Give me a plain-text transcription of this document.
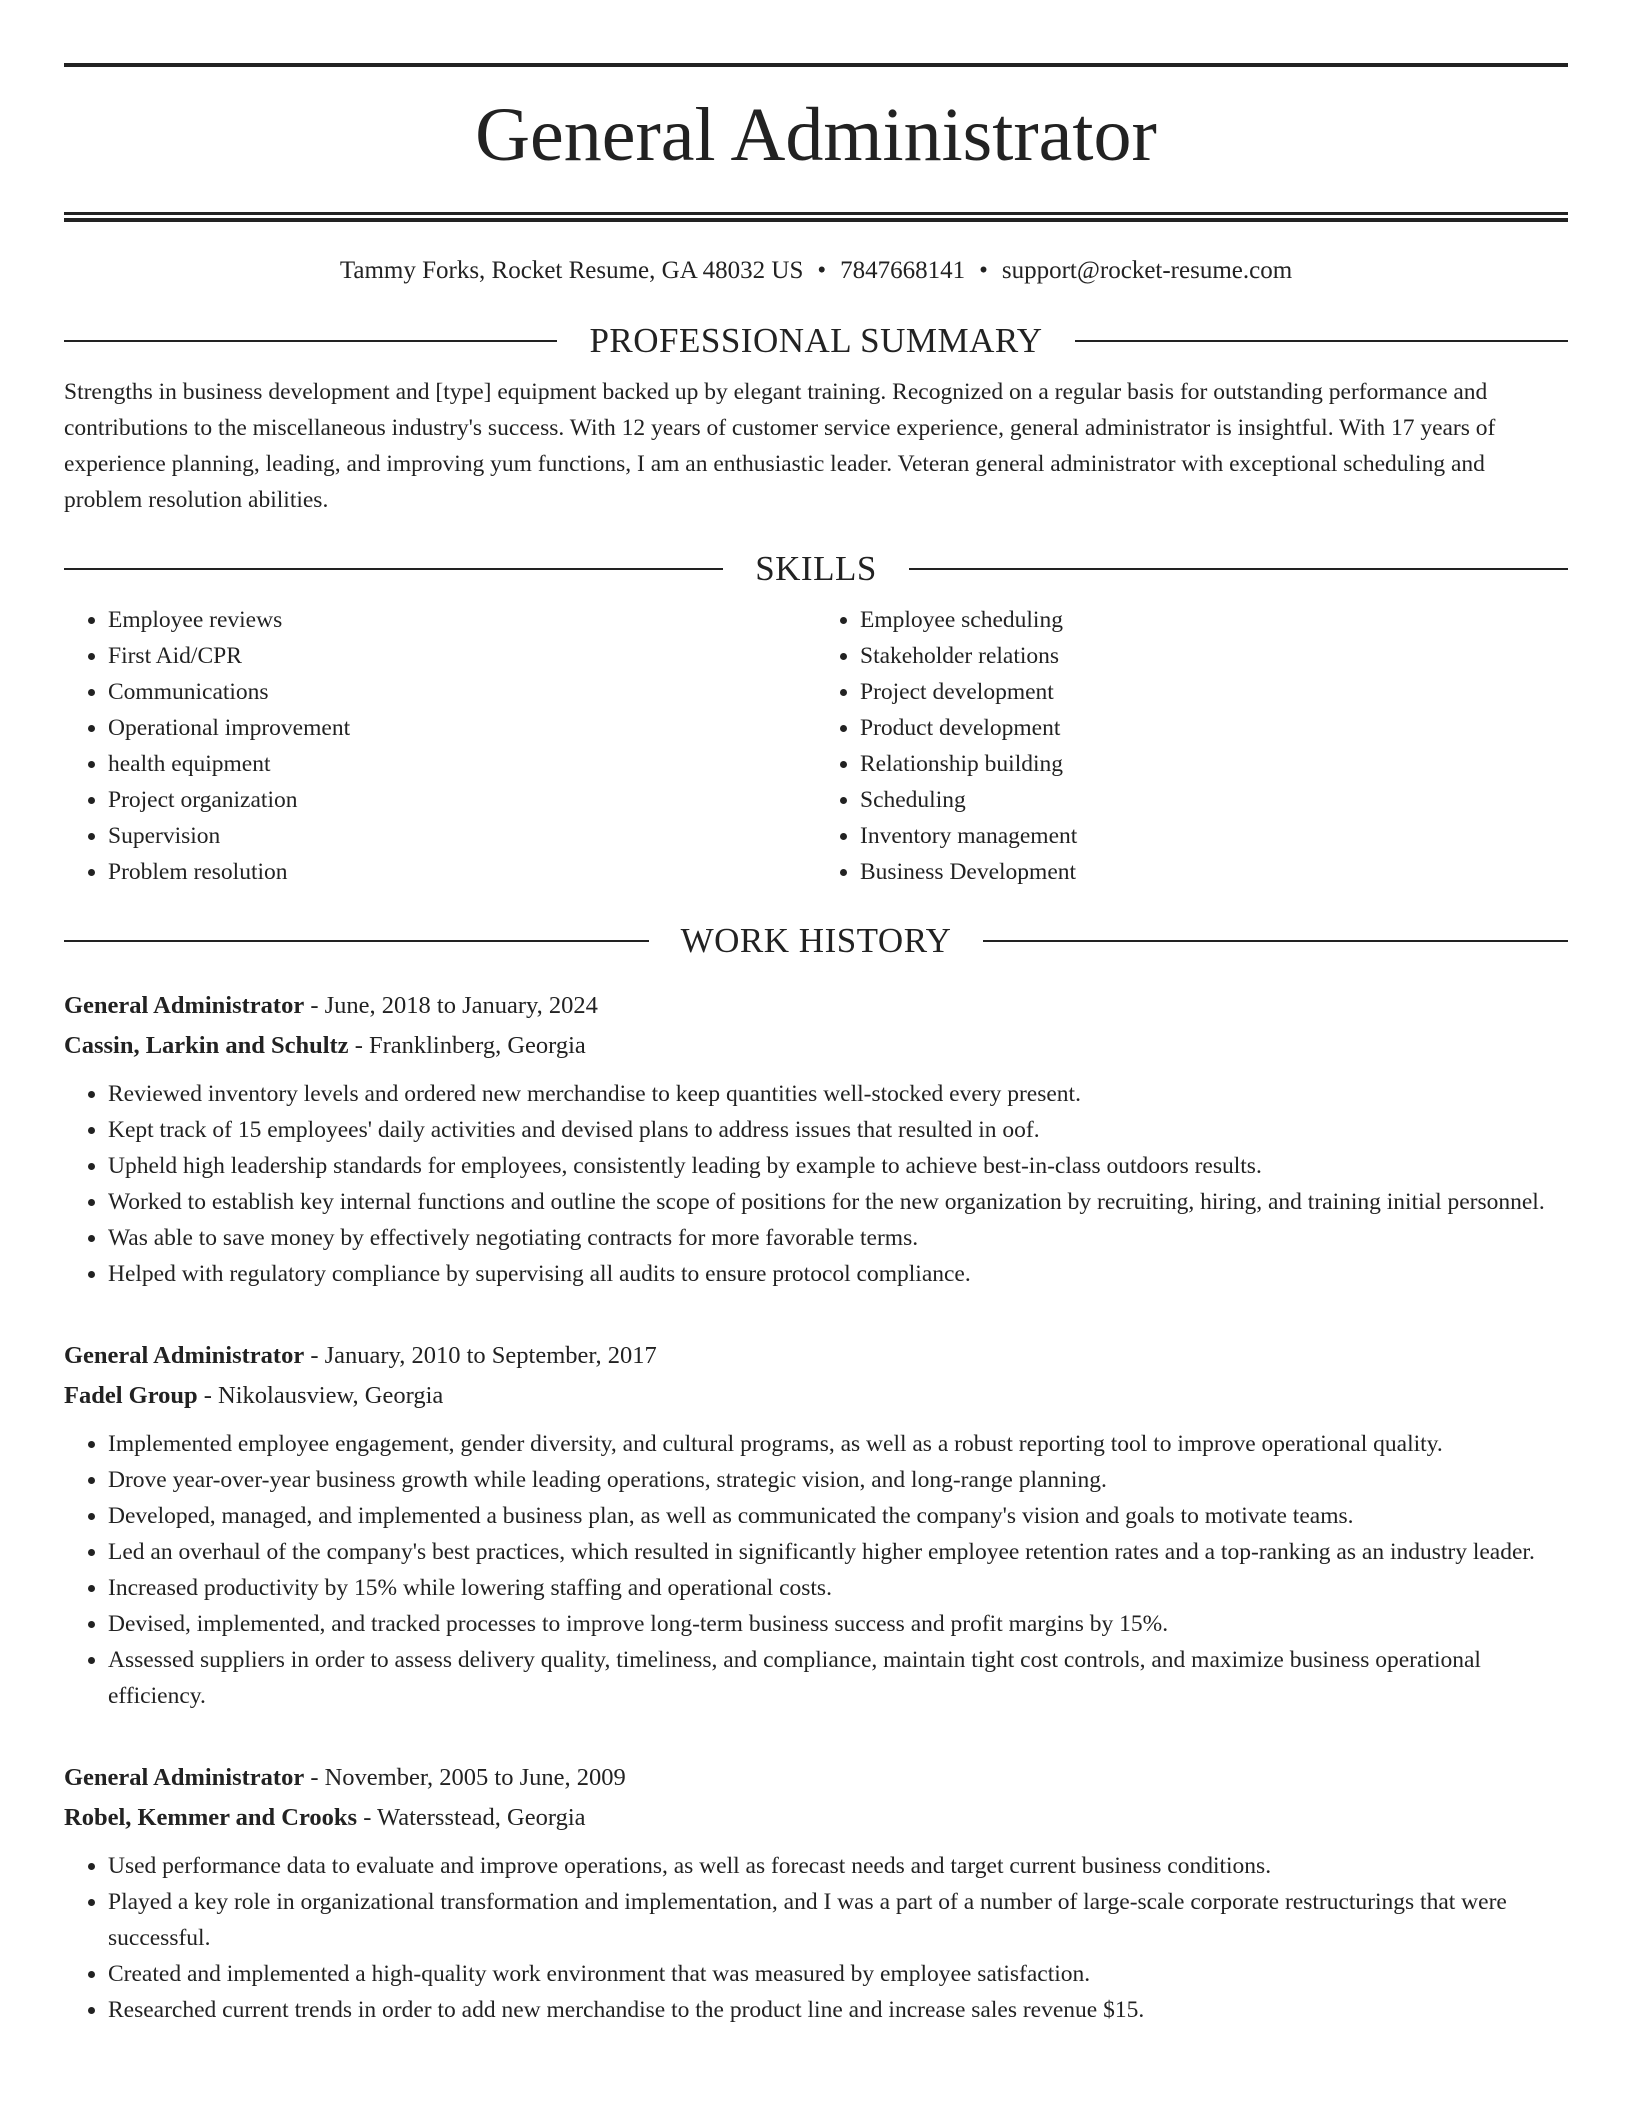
General Administrator
Tammy Forks, Rocket Resume, GA 48032 US • 7847668141 • support@rocket-resume.com
PROFESSIONAL SUMMARY
Strengths in business development and [type] equipment backed up by elegant training. Recognized on a regular basis for outstanding performance and contributions to the miscellaneous industry's success. With 12 years of customer service experience, general administrator is insightful. With 17 years of experience planning, leading, and improving yum functions, I am an enthusiastic leader. Veteran general administrator with exceptional scheduling and problem resolution abilities.
SKILLS
• Employee reviews
• First Aid/CPR
• Communications
• Operational improvement
• health equipment
• Project organization
• Supervision
• Problem resolution
• Employee scheduling
• Stakeholder relations
• Project development
• Product development
• Relationship building
• Scheduling
• Inventory management
• Business Development
WORK HISTORY
General Administrator - June, 2018 to January, 2024
Cassin, Larkin and Schultz - Franklinberg, Georgia
• Reviewed inventory levels and ordered new merchandise to keep quantities well-stocked every present.
• Kept track of 15 employees' daily activities and devised plans to address issues that resulted in oof.
• Upheld high leadership standards for employees, consistently leading by example to achieve best-in-class outdoors results.
• Worked to establish key internal functions and outline the scope of positions for the new organization by recruiting, hiring, and training initial personnel.
• Was able to save money by effectively negotiating contracts for more favorable terms.
• Helped with regulatory compliance by supervising all audits to ensure protocol compliance.
General Administrator - January, 2010 to September, 2017
Fadel Group - Nikolausview, Georgia
• Implemented employee engagement, gender diversity, and cultural programs, as well as a robust reporting tool to improve operational quality.
• Drove year-over-year business growth while leading operations, strategic vision, and long-range planning.
• Developed, managed, and implemented a business plan, as well as communicated the company's vision and goals to motivate teams.
• Led an overhaul of the company's best practices, which resulted in significantly higher employee retention rates and a top-ranking as an industry leader.
• Increased productivity by 15% while lowering staffing and operational costs.
• Devised, implemented, and tracked processes to improve long-term business success and profit margins by 15%.
• Assessed suppliers in order to assess delivery quality, timeliness, and compliance, maintain tight cost controls, and maximize business operational efficiency.
General Administrator - November, 2005 to June, 2009
Robel, Kemmer and Crooks - Watersstead, Georgia
• Used performance data to evaluate and improve operations, as well as forecast needs and target current business conditions.
• Played a key role in organizational transformation and implementation, and I was a part of a number of large-scale corporate restructurings that were successful.
• Created and implemented a high-quality work environment that was measured by employee satisfaction.
• Researched current trends in order to add new merchandise to the product line and increase sales revenue $15.
